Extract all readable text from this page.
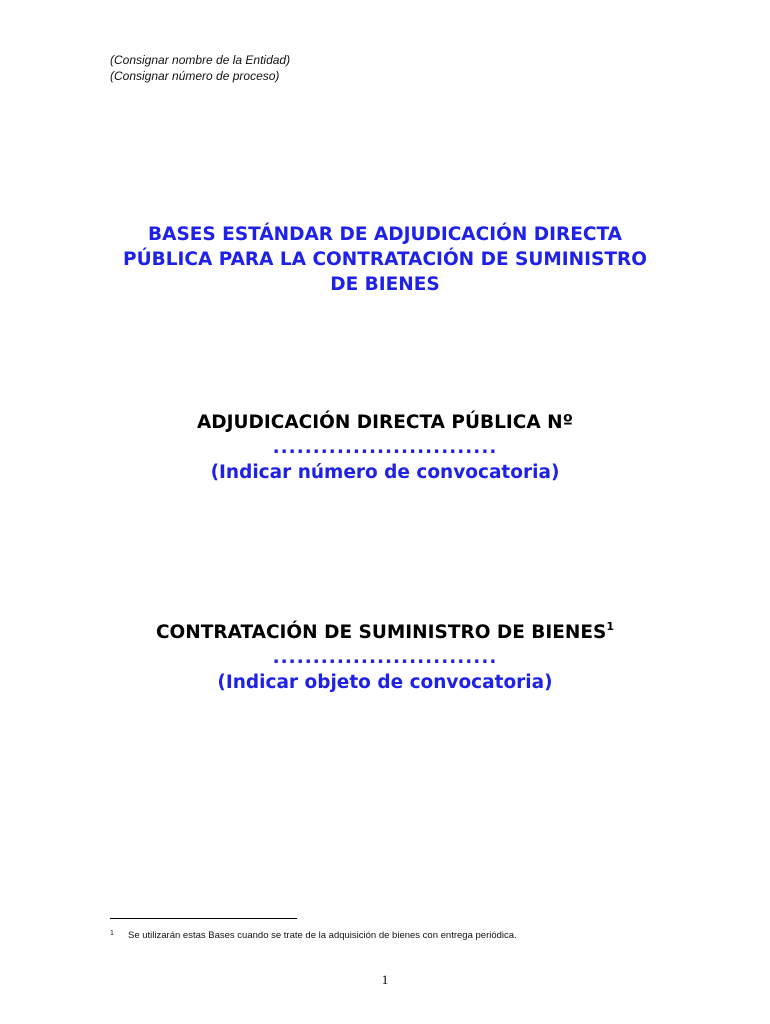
(Consignar nombre de la Entidad)
(Consignar número de proceso)
BASES ESTÁNDAR DE ADJUDICACIÓN DIRECTA
PÚBLICA PARA LA CONTRATACIÓN DE SUMINISTRO
DE BIENES
ADJUDICACIÓN DIRECTA PÚBLICA Nº
............................
(Indicar número de convocatoria)
CONTRATACIÓN DE SUMINISTRO DE BIENES$^1$
............................
(Indicar objeto de convocatoria)
1 Se utilizarán estas Bases cuando se trate de la adquisición de bienes con entrega periódica.
1
